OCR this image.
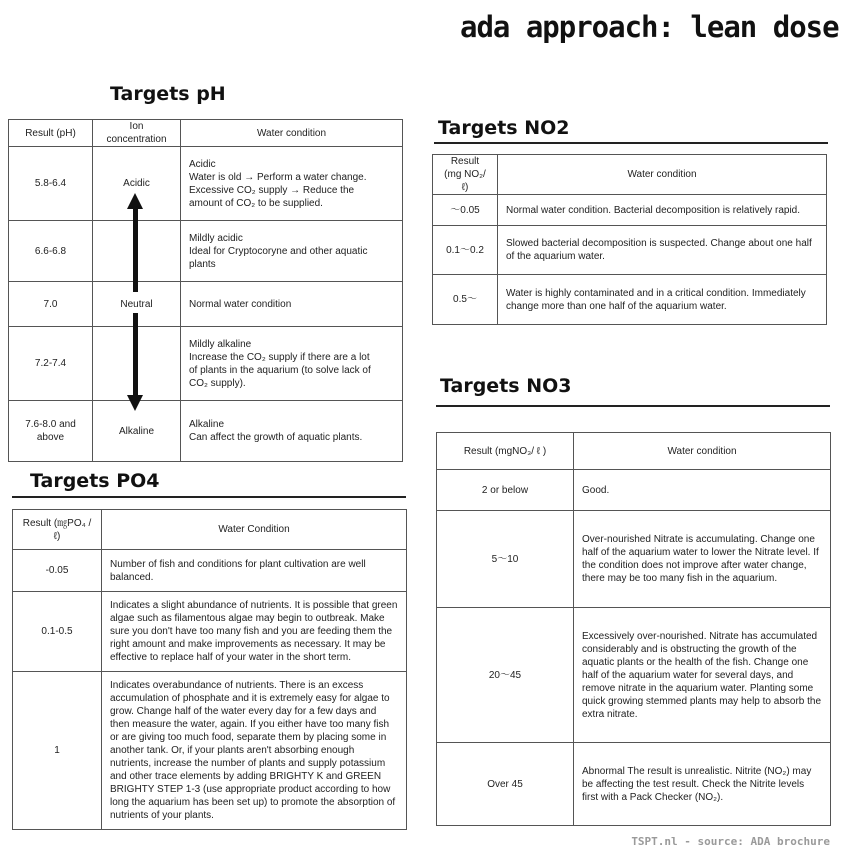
ada approach: lean dose
Targets pH
Result (pH)	Ion concentration	Water condition
5.8-6.4	Acidic	Acidic
Water is old → Perform a water change.
Excessive CO₂ supply → Reduce the
amount of CO₂ to be supplied.

6.6-6.8		Mildly acidic
Ideal for Cryptocoryne and other aquatic
plants

7.0	Neutral	Normal water condition

7.2-7.4		Mildly alkaline
Increase the CO₂ supply if there are a lot
of plants in the aquarium (to solve lack of
CO₂ supply).

7.6-8.0 and above	Alkaline	Alkaline
Can affect the growth of aquatic plants.
Targets PO4
Result (㎎PO₄ / ℓ)	Water Condition
-0.05	Number of fish and conditions for plant cultivation are well balanced.
0.1-0.5	Indicates a slight abundance of nutrients. It is possible that green algae such as filamentous algae may begin to outbreak. Make sure you don't have too many fish and you are feeding them the right amount and make improvements as necessary. It may be effective to replace half of your water in the short term.
1	Indicates overabundance of nutrients. There is an excess accumulation of phosphate and it is extremely easy for algae to grow. Change half of the water every day for a few days and then measure the water, again. If you either have too many fish or are giving too much food, separate them by placing some in another tank. Or, if your plants aren't absorbing enough nutrients, increase the number of plants and supply potassium and other trace elements by adding BRIGHTY K and GREEN BRIGHTY STEP 1-3 (use appropriate product according to how long the aquarium has been set up) to promote the absorption of nutrients of your plants.
Targets NO2
Result (mg NO₂/ℓ)	Water condition
～0.05	Normal water condition. Bacterial decomposition is relatively rapid.
0.1～0.2	Slowed bacterial decomposition is suspected. Change about one half of the aquarium water.
0.5～	Water is highly contaminated and in a critical condition. Immediately change more than one half of the aquarium water.
Targets NO3
Result (mgNO₃/ ℓ )	Water condition
2 or below	Good.
5～10	Over-nourished Nitrate is accumulating. Change one half of the aquarium water to lower the Nitrate level. If the condition does not improve after water change, there may be too many fish in the aquarium.
20～45	Excessively over-nourished. Nitrate has accumulated considerably and is obstructing the growth of the aquatic plants or the health of the fish. Change one half of the aquarium water for several days, and remove nitrate in the aquarium water. Planting some quick growing stemmed plants may help to absorb the extra nitrate.
Over 45	Abnormal The result is unrealistic. Nitrite (NO₂) may be affecting the test result. Check the Nitrite levels first with a Pack Checker (NO₂).
TSPT.nl - source: ADA brochure
